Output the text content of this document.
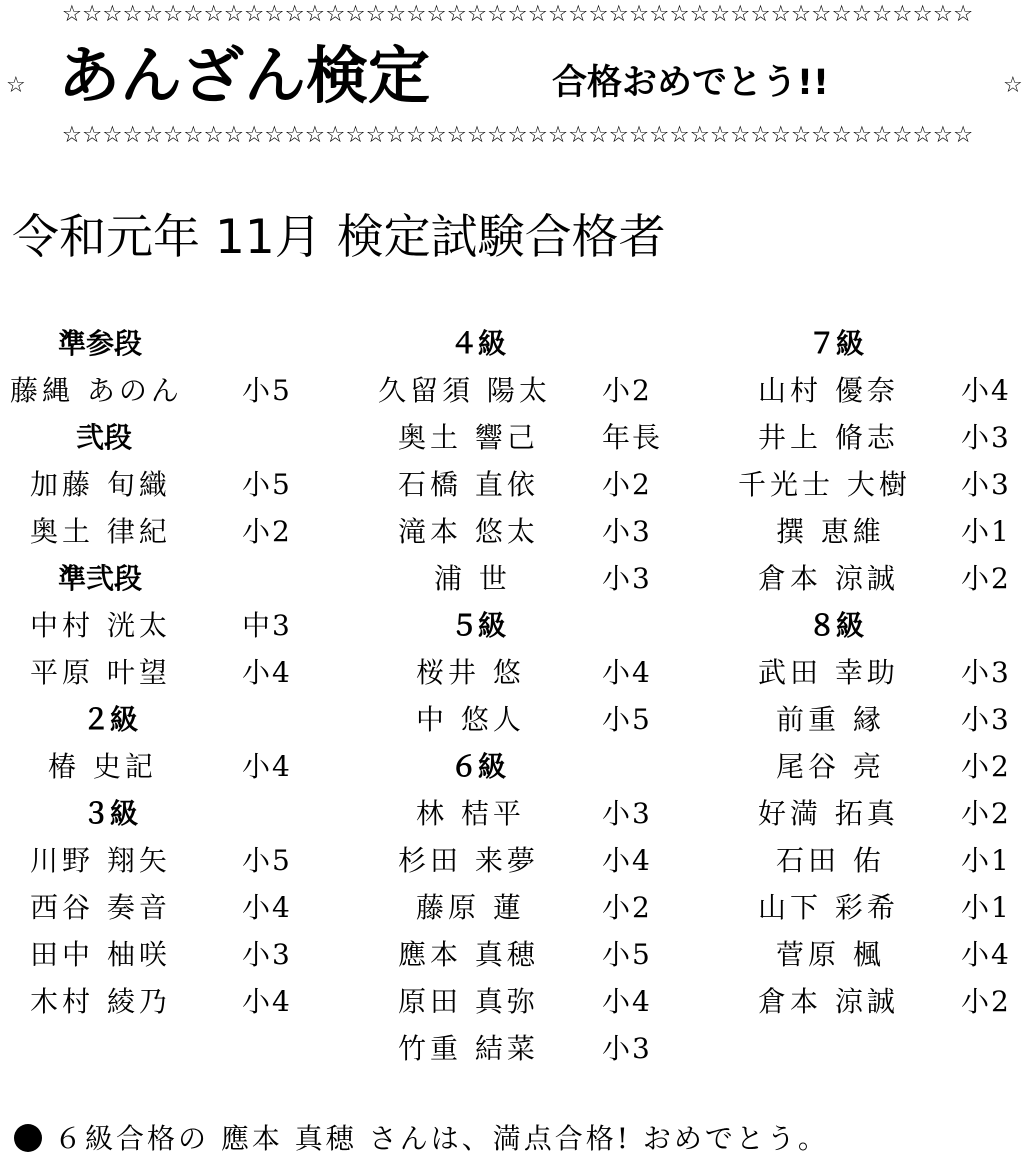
☆☆☆☆☆☆☆☆☆☆☆☆☆☆☆☆☆☆☆☆☆☆☆☆☆☆☆☆☆☆☆☆☆☆☆☆☆☆☆☆☆☆☆☆☆
☆ あんざん検定	合格おめでとう!!	☆
☆☆☆☆☆☆☆☆☆☆☆☆☆☆☆☆☆☆☆☆☆☆☆☆☆☆☆☆☆☆☆☆☆☆☆☆☆☆☆☆☆☆☆☆☆
令和元年 11月 検定試験合格者
準参段
藤縄 あのん 小5
弐段
加藤 旬織	小5
奥土 律紀	小2
準弐段
中村 洸太	中3
平原 叶望	小4
２級
椿 史記	小4
３級
川野 翔矢	小5
西谷 奏音	小4
田中 柚咲	小3
木村 綾乃	小4
４級
久留須 陽太 小2
奥土 響己 年長
石橋 直依 小2
滝本 悠太 小3
浦 世	小3
５級
桜井 悠	小4
中 悠人	小5
６級
林 桔平	小3
杉田 来夢 小4
藤原 蓮	小2
應本 真穂 小5
原田 真弥 小4
竹重 結菜 小3
７級
山村 優奈 小4
井上 脩志 小3
千光士 大樹 小3
撰 恵維	小1
倉本 涼誠 小2
８級
武田 幸助 小3
前重 縁	小3
尾谷 亮	小2
好満 拓真 小2
石田 佑	小1
山下 彩希 小1
菅原 楓	小4
倉本 涼誠 小2
６級合格の 應本 真穂 さんは、満点合格! おめでとう。
